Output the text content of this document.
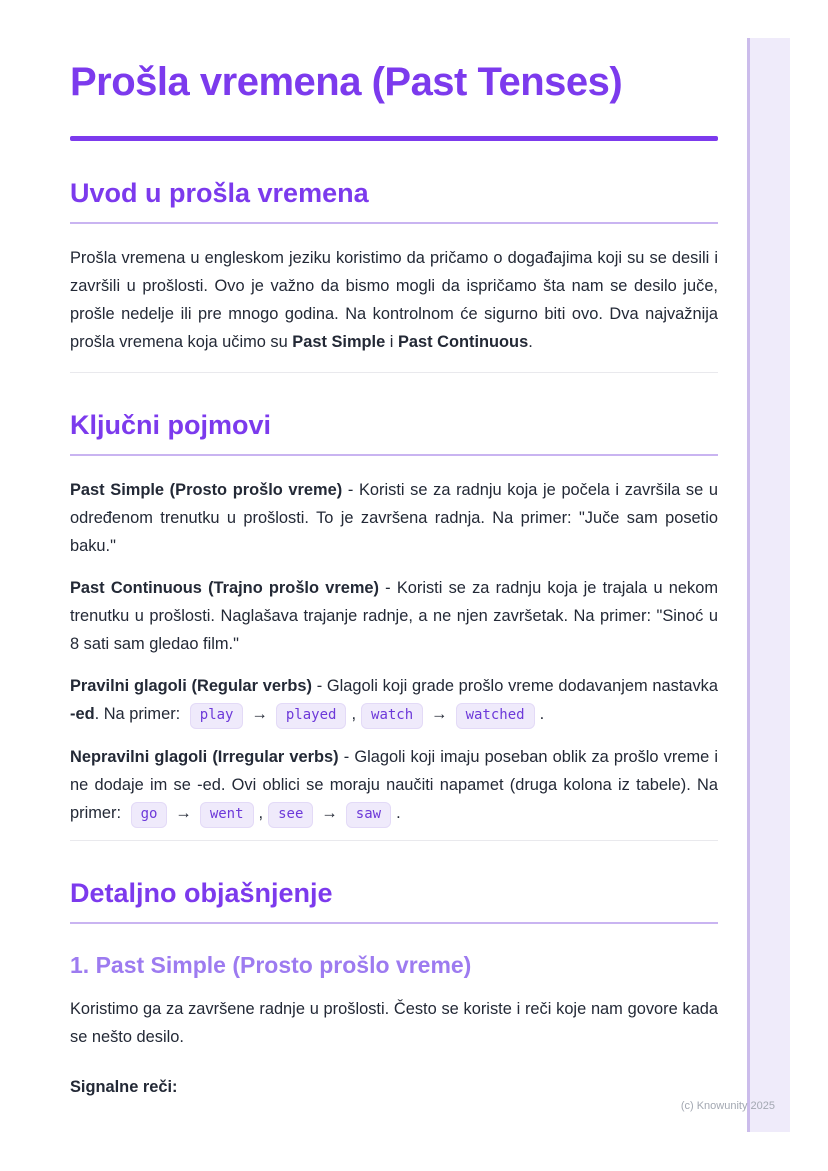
(c) Knowunity 2025
Prošla vremena (Past Tenses)
Uvod u prošla vremena

Prošla vremena u engleskom jeziku koristimo da pričamo o događajima koji su se desili i završili u prošlosti. Ovo je važno da bismo mogli da ispričamo šta nam se desilo juče, prošle nedelje ili pre mnogo godina. Na kontrolnom će sigurno biti ovo. Dva najvažnija prošla vremena koja učimo su Past Simple i Past Continuous.

Ključni pojmovi

Past Simple (Prosto prošlo vreme) - Koristi se za radnju koja je počela i završila se u određenom trenutku u prošlosti. To je završena radnja. Na primer: "Juče sam posetio baku."

Past Continuous (Trajno prošlo vreme) - Koristi se za radnju koja je trajala u nekom trenutku u prošlosti. Naglašava trajanje radnje, a ne njen završetak. Na primer: "Sinoć u 8 sati sam gledao film."

Pravilni glagoli (Regular verbs) - Glagoli koji grade prošlo vreme dodavanjem nastavka -ed. Na primer: play → played , watch → watched .

Nepravilni glagoli (Irregular verbs) - Glagoli koji imaju poseban oblik za prošlo vreme i ne dodaje im se -ed. Ovi oblici se moraju naučiti napamet (druga kolona iz tabele). Na primer: go → went , see → saw .

Detaljno objašnjenje
1. Past Simple (Prosto prošlo vreme)

Koristimo ga za završene radnje u prošlosti. Često se koriste i reči koje nam govore kada se nešto desilo.

Signalne reči:
